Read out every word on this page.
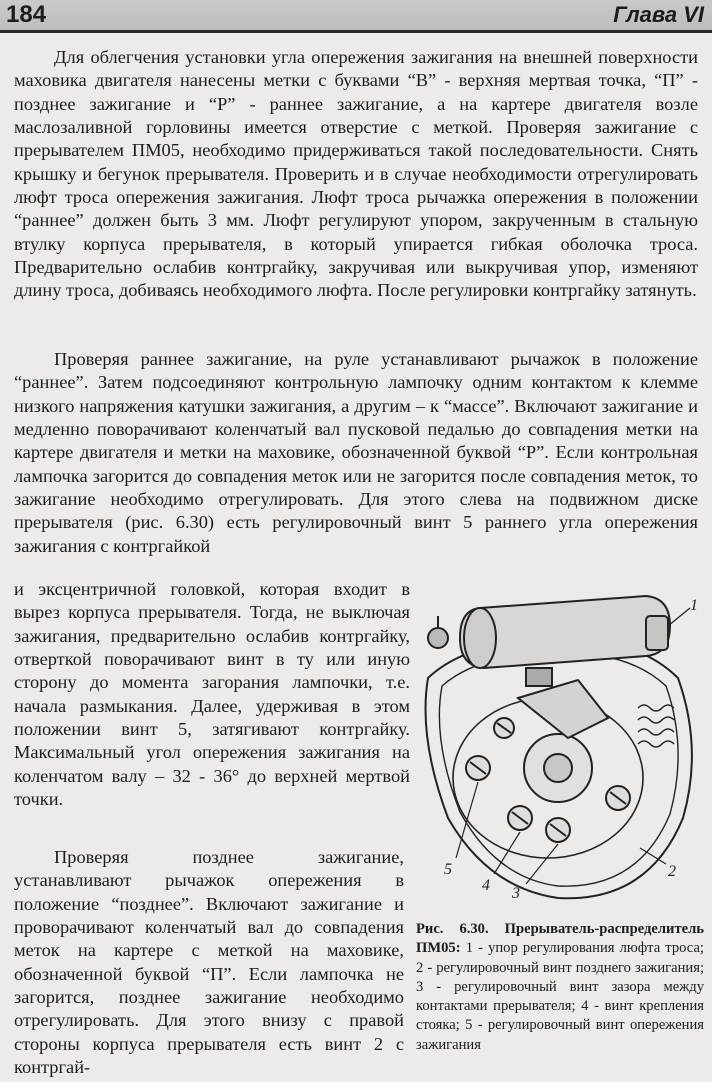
184	Глава VI

Для облегчения установки угла опережения зажигания на внешней поверхности маховика двигателя нанесены метки с буквами “В” - верхняя мертвая точка, “П” - позднее зажигание и “Р” - раннее зажигание, а на картере двигателя возле маслозаливной горловины имеется отверстие с меткой. Проверяя зажигание с прерывателем ПМ05, необходимо придерживаться такой последовательности. Снять крышку и бегунок прерывателя. Проверить и в случае необходимости отрегулировать люфт троса опережения зажигания. Люфт троса рычажка опережения в положении “раннее” должен быть 3 мм. Люфт регулируют упором, закрученным в стальную втулку корпуса прерывателя, в который упирается гибкая оболочка троса. Предварительно ослабив контргайку, закручивая или выкручивая упор, изменяют длину троса, добиваясь необходимого люфта. После регулировки контргайку затянуть.

Проверяя раннее зажигание, на руле устанавливают рычажок в положение “раннее”. Затем подсоединяют контрольную лампочку одним контактом к клемме низкого напряжения катушки зажигания, а другим – к “массе”. Включают зажигание и медленно поворачивают коленчатый вал пусковой педалью до совпадения метки на картере двигателя и метки на маховике, обозначенной буквой “Р”. Если контрольная лампочка загорится до совпадения меток или не загорится после совпадения меток, то зажигание необходимо отрегулировать. Для этого слева на подвижном диске прерывателя (рис. 6.30) есть регулировочный винт 5 раннего угла опережения зажигания с контргайкой

и эксцентричной головкой, которая входит в вырез корпуса прерывателя. Тогда, не выключая зажигания, предварительно ослабив контргайку, отверткой поворачивают винт в ту или иную сторону до момента загорания лампочки, т.е. начала размыкания. Далее, удерживая в этом положении винт 5, затягивают контргайку. Максимальный угол опережения зажигания на коленчатом валу – 32 - 36° до верхней мертвой точки.

Проверяя позднее зажигание, устанавливают рычажок опережения в положение “позднее”. Включают зажигание и проворачивают коленчатый вал до совпадения меток на картере с меткой на маховике, обозначенной буквой “П”. Если лампочка не загорится, позднее зажигание необходимо отрегулировать. Для этого внизу с правой стороны корпуса прерывателя есть винт 2 с контргай-

1
2
3
4
5
Рис. 6.30. Прерыватель-распределитель ПМ05: 1 - упор регулирования люфта троса; 2 - регулировочный винт позднего зажигания; 3 - регулировочный винт зазора между контактами прерывателя; 4 - винт крепления стояка; 5 - регулировочный винт опережения зажигания
